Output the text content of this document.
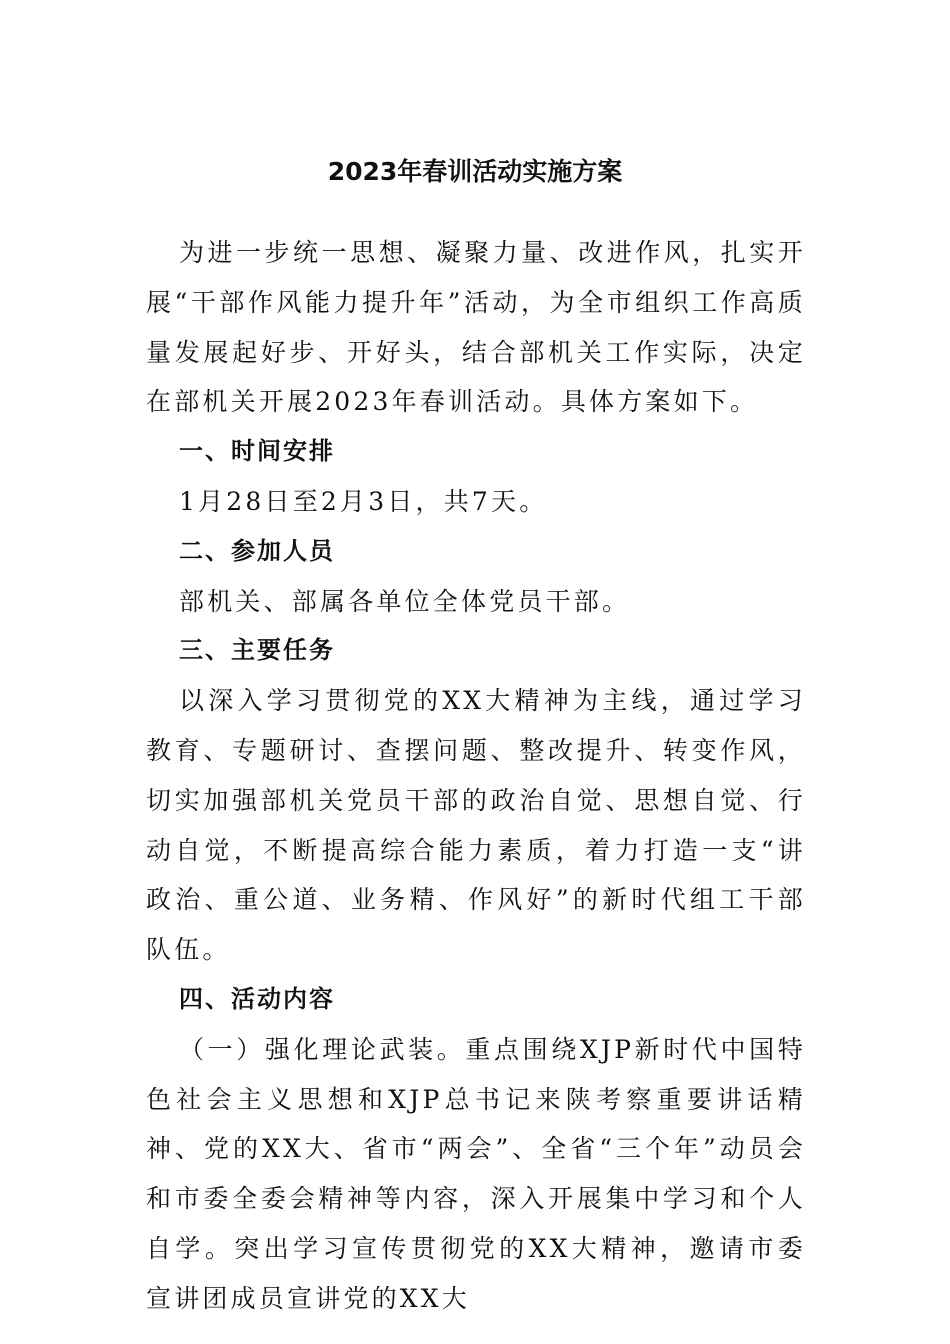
2023年春训活动实施方案

为进一步统一思想、凝聚力量、改进作风，扎实开展“干部作风能力提升年”活动，为全市组织工作高质量发展起好步、开好头，结合部机关工作实际，决定在部机关开展2023年春训活动。具体方案如下。

一、时间安排

1月28日至2月3日，共7天。

二、参加人员

部机关、部属各单位全体党员干部。

三、主要任务

以深入学习贯彻党的XX大精神为主线，通过学习教育、专题研讨、查摆问题、整改提升、转变作风，切实加强部机关党员干部的政治自觉、思想自觉、行动自觉，不断提高综合能力素质，着力打造一支“讲政治、重公道、业务精、作风好”的新时代组工干部队伍。

四、活动内容

（一）强化理论武装。重点围绕XJP新时代中国特色社会主义思想和XJP总书记来陕考察重要讲话精神、党的XX大、省市“两会”、全省“三个年”动员会和市委全委会精神等内容，深入开展集中学习和个人自学。突出学习宣传贯彻党的XX大精神，邀请市委宣讲团成员宣讲党的XX大
